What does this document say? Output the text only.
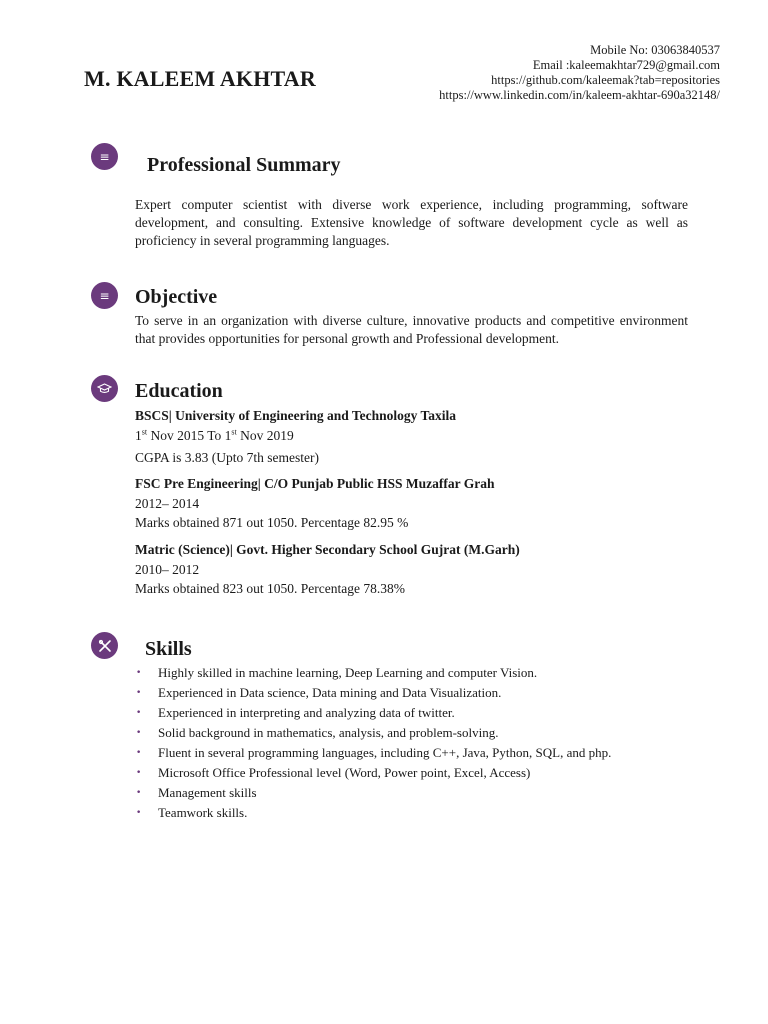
M. KALEEM AKHTAR
Mobile No: 03063840537
Email :kaleemakhtar729@gmail.com
https://github.com/kaleemak?tab=repositories
https://www.linkedin.com/in/kaleem-akhtar-690a32148/
≡	Professional Summary
Expert computer scientist with diverse work experience, including programming, software development, and consulting. Extensive knowledge of software development cycle as well as proficiency in several programming languages.
≡	Objective
To serve in an organization with diverse culture, innovative products and competitive environment that provides opportunities for personal growth and Professional development.
Education
BSCS| University of Engineering and Technology Taxila
1st Nov 2015 To 1st Nov 2019
CGPA is 3.83 (Upto 7th semester)
FSC Pre Engineering| C/O Punjab Public HSS Muzaffar Grah
2012– 2014
Marks obtained 871 out 1050. Percentage 82.95 %
Matric (Science)| Govt. Higher Secondary School Gujrat (M.Garh)
2010– 2012
Marks obtained 823 out 1050. Percentage 78.38%
Skills
•	Highly skilled in machine learning, Deep Learning and computer Vision.
•	Experienced in Data science, Data mining and Data Visualization.
•	Experienced in interpreting and analyzing data of twitter.
•	Solid background in mathematics, analysis, and problem-solving.
•	Fluent in several programming languages, including C++, Java, Python, SQL, and php.
•	Microsoft Office Professional level (Word, Power point, Excel, Access)
•	Management skills
•	Teamwork skills.
